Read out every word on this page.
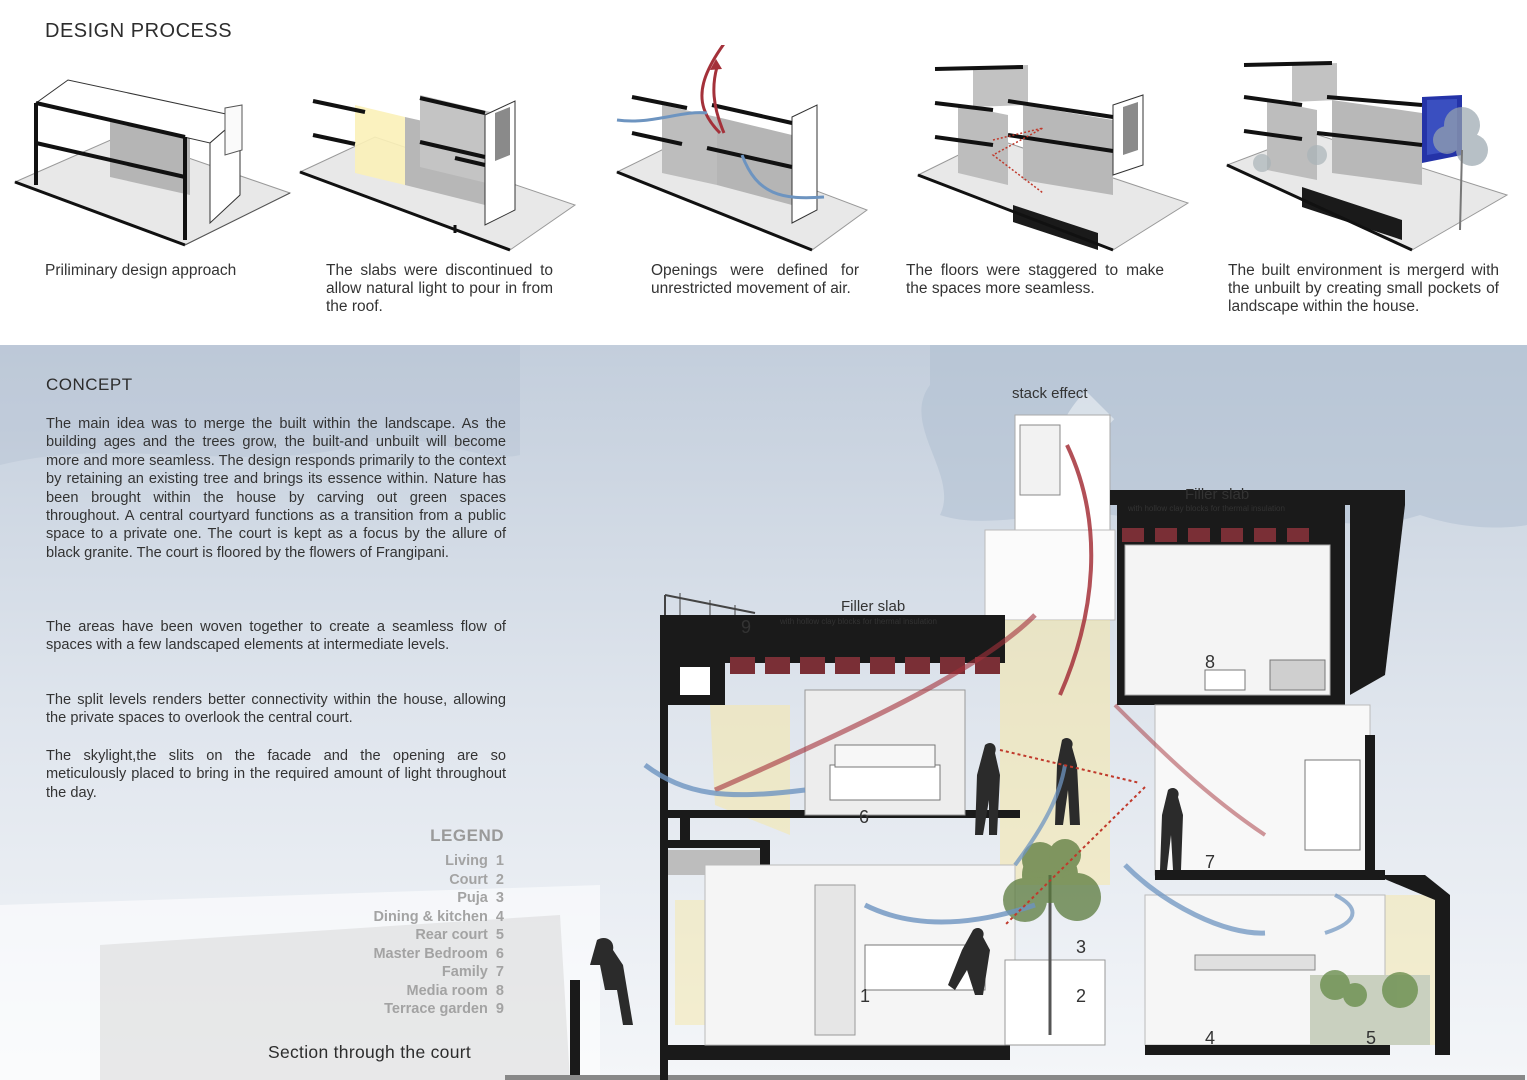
DESIGN PROCESS
Priliminary design approach	The slabs were discontinued to allow natural light to pour in from the roof.
Openings were defined for unrestricted movement of air.
The floors were staggered to make the spaces more seamless.
The built environment is mergerd with the unbuilt by creating small pockets of landscape within the house.
CONCEPT
The main idea was to merge the built within the landscape. As the building ages and the trees grow, the built-and unbuilt will become more and more seamless. The design responds primarily to the context by retaining an existing tree and brings its essence within. Nature has been brought within the house by carving out green spaces throughout. A central courtyard functions as a transition from a public space to a private one. The court is kept as a focus by the allure of black granite. The court is floored by the flowers of Frangipani.
The areas have been woven together to create a seamless flow of spaces with a few landscaped elements at intermediate levels.
The split levels renders better connectivity within the house, allowing the private spaces to overlook the central court.
The skylight,the slits on the facade and the opening are so meticulously placed to bring in the required amount of light throughout the day.
LEGEND
Living 1
Court 2
Puja 3
Dining & kitchen 4
Rear court 5
Master Bedroom 6
Family 7
Media room 8
Terrace garden 9
Section through the court
stack effect
Filler slab
with hollow clay blocks for thermal insulation
Filler slab
with hollow clay blocks for thermal insulation
1	2
3
4	5
6
7
8
9
